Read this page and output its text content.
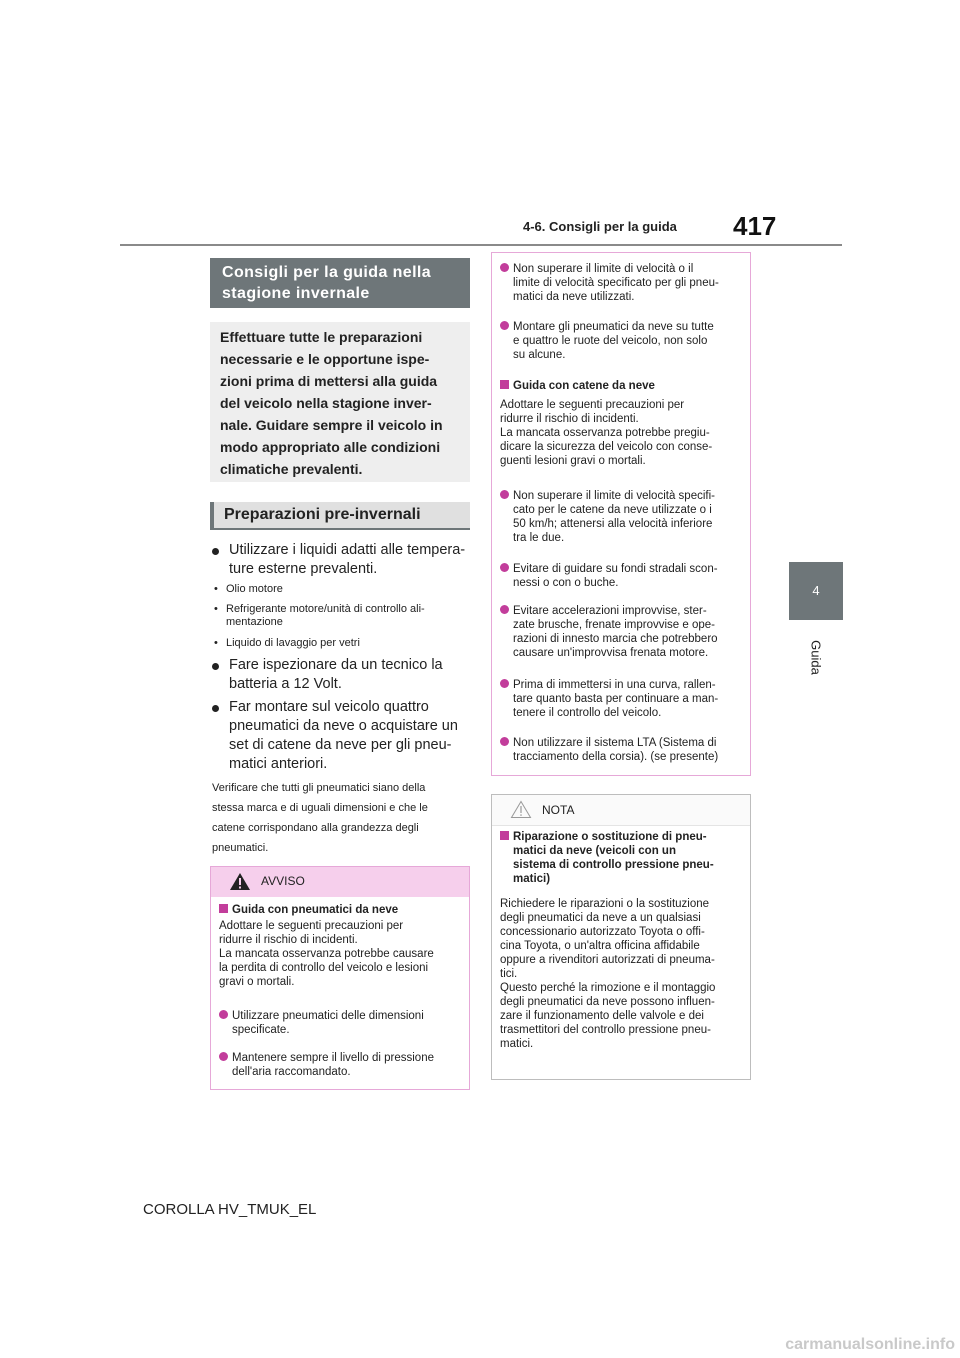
4-6. Consigli per la guida	417
4
Guida
Consigli per la guida nella
stagione invernale
Effettuare tutte le preparazioni
necessarie e le opportune ispe-
zioni prima di mettersi alla guida
del veicolo nella stagione inver-
nale. Guidare sempre il veicolo in
modo appropriato alle condizioni
climatiche prevalenti.
Preparazioni pre-invernali
Utilizzare i liquidi adatti alle tempera-
ture esterne prevalenti.
• Olio motore
• Refrigerante motore/unità di controllo ali-
mentazione
• Liquido di lavaggio per vetri
Fare ispezionare da un tecnico la
batteria a 12 Volt.
Far montare sul veicolo quattro
pneumatici da neve o acquistare un
set di catene da neve per gli pneu-
matici anteriori.
Verificare che tutti gli pneumatici siano della
stessa marca e di uguali dimensioni e che le
catene corrispondano alla grandezza degli
pneumatici.
AVVISO
Guida con pneumatici da neve
Adottare le seguenti precauzioni per
ridurre il rischio di incidenti.
La mancata osservanza potrebbe causare
la perdita di controllo del veicolo e lesioni
gravi o mortali.
Utilizzare pneumatici delle dimensioni
specificate.
Mantenere sempre il livello di pressione
dell'aria raccomandato.
Non superare il limite di velocità o il
limite di velocità specificato per gli pneu-
matici da neve utilizzati.
Montare gli pneumatici da neve su tutte
e quattro le ruote del veicolo, non solo
su alcune.
Guida con catene da neve
Adottare le seguenti precauzioni per
ridurre il rischio di incidenti.
La mancata osservanza potrebbe pregiu-
dicare la sicurezza del veicolo con conse-
guenti lesioni gravi o mortali.
Non superare il limite di velocità specifi-
cato per le catene da neve utilizzate o i
50 km/h; attenersi alla velocità inferiore
tra le due.
Evitare di guidare su fondi stradali scon-
nessi o con o buche.
Evitare accelerazioni improvvise, ster-
zate brusche, frenate improvvise e ope-
razioni di innesto marcia che potrebbero
causare un'improvvisa frenata motore.
Prima di immettersi in una curva, rallen-
tare quanto basta per continuare a man-
tenere il controllo del veicolo.
Non utilizzare il sistema LTA (Sistema di
tracciamento della corsia). (se presente)
NOTA
Riparazione o sostituzione di pneu-
matici da neve (veicoli con un
sistema di controllo pressione pneu-
matici)
Richiedere le riparazioni o la sostituzione
degli pneumatici da neve a un qualsiasi
concessionario autorizzato Toyota o offi-
cina Toyota, o un'altra officina affidabile
oppure a rivenditori autorizzati di pneuma-
tici.
Questo perché la rimozione e il montaggio
degli pneumatici da neve possono influen-
zare il funzionamento delle valvole e dei
trasmettitori del controllo pressione pneu-
matici.
COROLLA HV_TMUK_EL
carmanualsonline.info
